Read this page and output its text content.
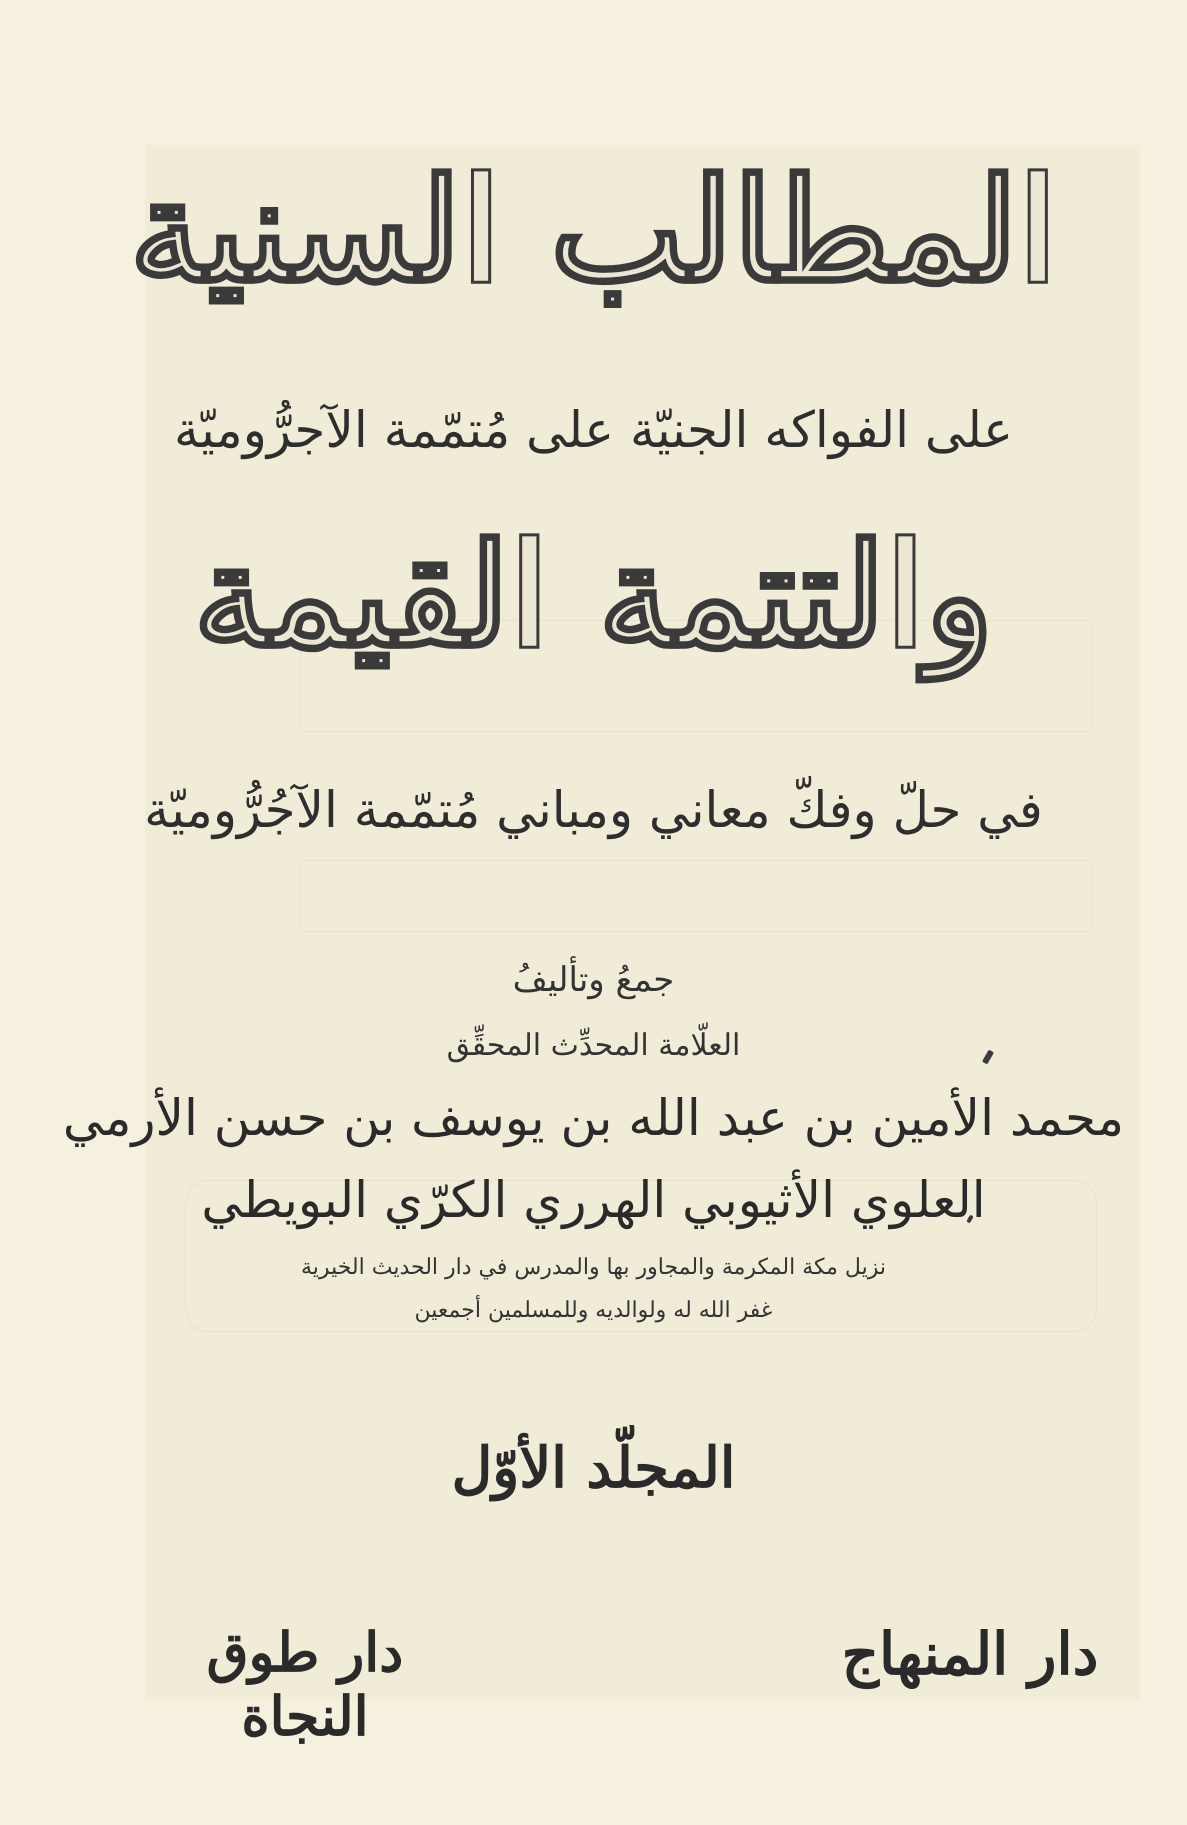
المطالب السنية
على الفواكه الجنيّة على مُتمّمة الآجرُّوميّة
والتتمة القيمة
في حلّ وفكّ معاني ومباني مُتمّمة الآجُرُّوميّة
جمعُ وتأليفُ
العلّامة المحدِّث المحقِّق
محمد الأمين بن عبد الله بن يوسف بن حسن الأرمي
العلوي الأثيوبي الهرري الكرّي البويطي
نزيل مكة المكرمة والمجاور بها والمدرس في دار الحديث الخيرية
غفر الله له ولوالديه وللمسلمين أجمعين
المجلّد الأوّل
دار طوق النجاة
دار المنهاج
